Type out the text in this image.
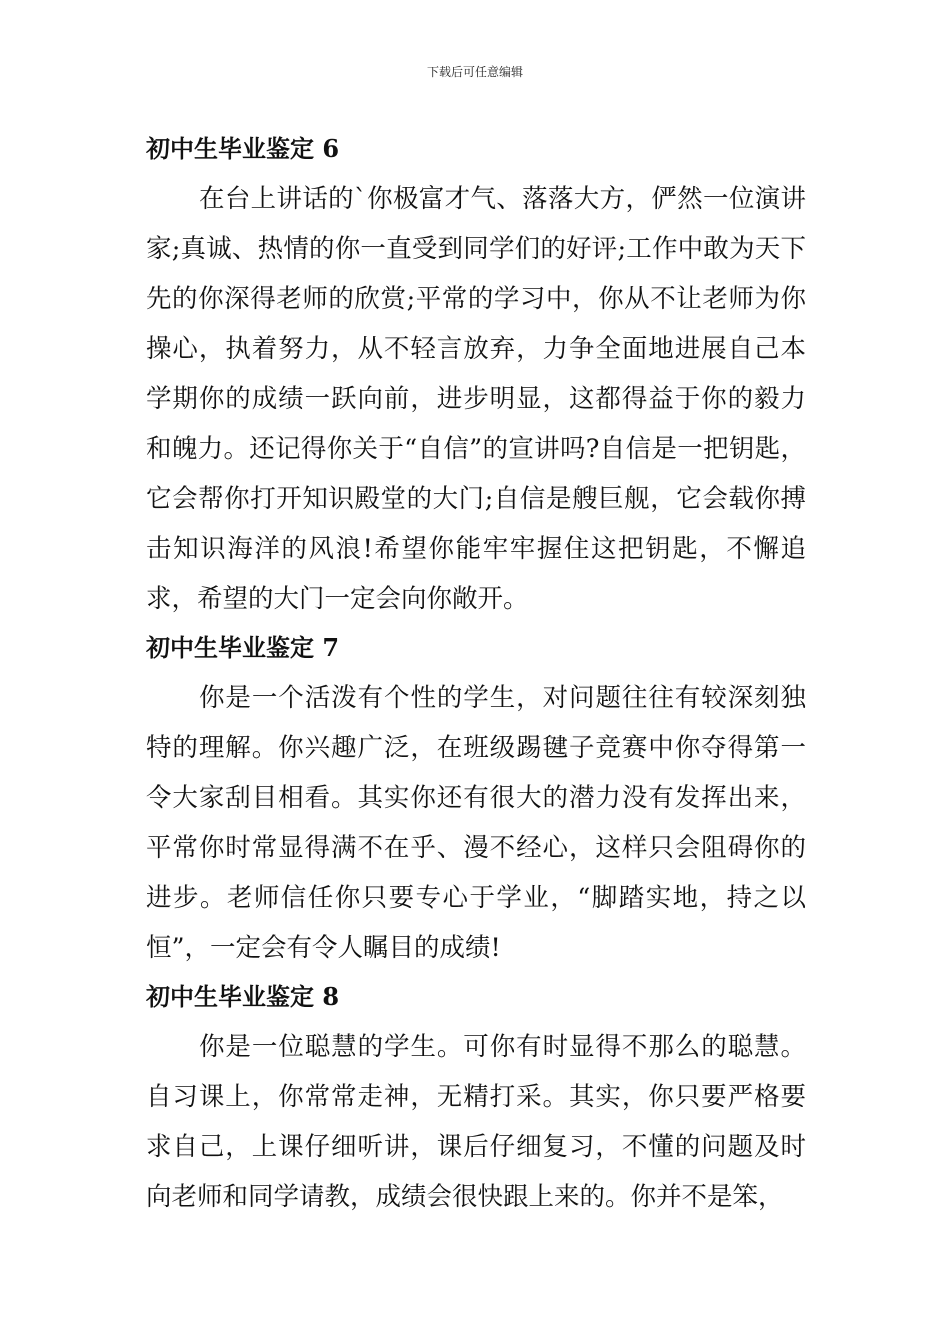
下载后可任意编辑
初中生毕业鉴定 6

在台上讲话的`你极富才气、落落大方，俨然一位演讲家;真诚、热情的你一直受到同学们的好评;工作中敢为天下先的你深得老师的欣赏;平常的学习中，你从不让老师为你操心，执着努力，从不轻言放弃，力争全面地进展自己本学期你的成绩一跃向前，进步明显，这都得益于你的毅力和魄力。还记得你关于“自信”的宣讲吗?自信是一把钥匙，它会帮你打开知识殿堂的大门;自信是艘巨舰，它会载你搏击知识海洋的风浪!希望你能牢牢握住这把钥匙，不懈追求，希望的大门一定会向你敞开。

初中生毕业鉴定 7

你是一个活泼有个性的学生，对问题往往有较深刻独特的理解。你兴趣广泛，在班级踢毽子竞赛中你夺得第一令大家刮目相看。其实你还有很大的潜力没有发挥出来，平常你时常显得满不在乎、漫不经心，这样只会阻碍你的进步。老师信任你只要专心于学业，“脚踏实地，持之以恒”，一定会有令人瞩目的成绩!

初中生毕业鉴定 8

你是一位聪慧的学生。可你有时显得不那么的聪慧。自习课上，你常常走神，无精打采。其实，你只要严格要求自己，上课仔细听讲，课后仔细复习，不懂的问题及时向老师和同学请教，成绩会很快跟上来的。你并不是笨，
